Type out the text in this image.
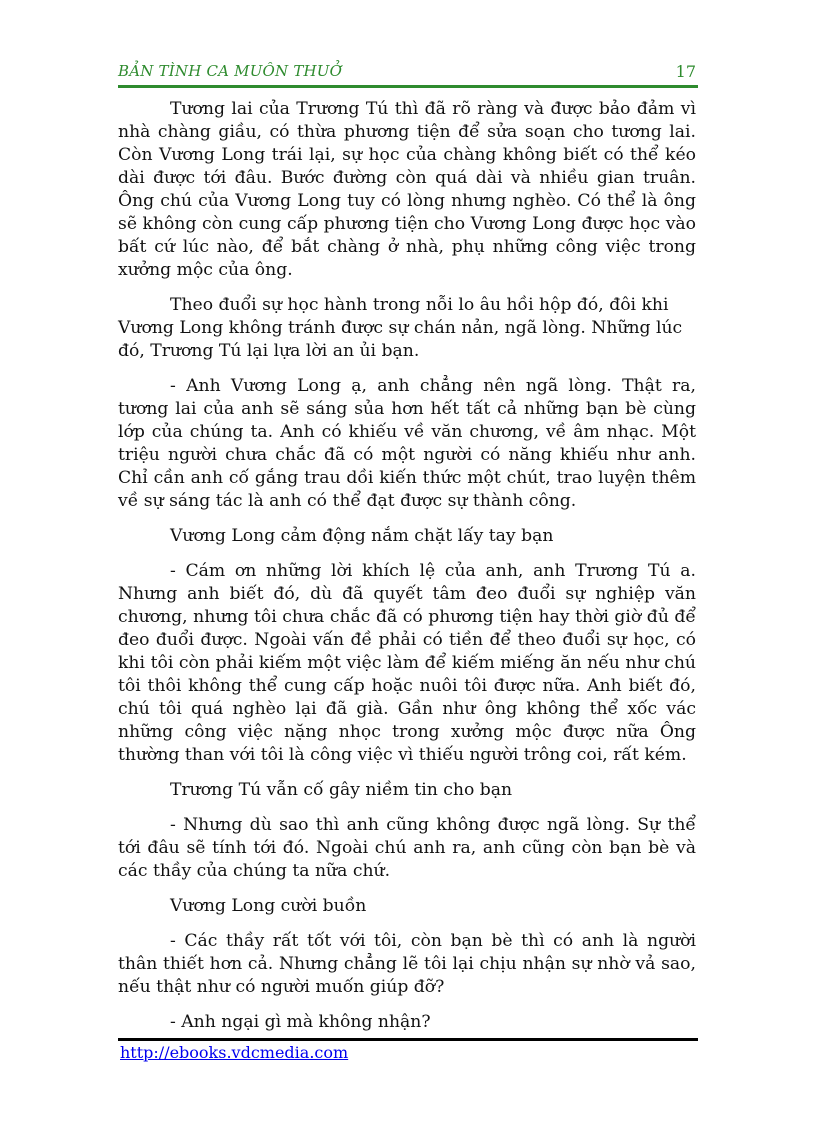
BẢN TÌNH CA MUÔN THUỞ	17

Tương lai của Trương Tú thì đã rõ ràng và được bảo đảm vì nhà chàng giầu, có thừa phương tiện để sửa soạn cho tương lai. Còn Vương Long trái lại, sự học của chàng không biết có thể kéo dài được tới đâu. Bước đường còn quá dài và nhiều gian truân. Ông chú của Vương Long tuy có lòng nhưng nghèo. Có thể là ông sẽ không còn cung cấp phương tiện cho Vương Long được học vào bất cứ lúc nào, để bắt chàng ở nhà, phụ những công việc trong xưởng mộc của ông.

Theo đuổi sự học hành trong nỗi lo âu hồi hộp đó, đôi khi Vương Long không tránh được sự chán nản, ngã lòng. Những lúc đó, Trương Tú lại lựa lời an ủi bạn.

- Anh Vương Long ạ, anh chẳng nên ngã lòng. Thật ra, tương lai của anh sẽ sáng sủa hơn hết tất cả những bạn bè cùng lớp của chúng ta. Anh có khiếu về văn chương, về âm nhạc. Một triệu người chưa chắc đã có một người có năng khiếu như anh. Chỉ cần anh cố gắng trau dồi kiến thức một chút, trao luyện thêm về sự sáng tác là anh có thể đạt được sự thành công.

Vương Long cảm động nắm chặt lấy tay bạn

- Cám ơn những lời khích lệ của anh, anh Trương Tú a. Nhưng anh biết đó, dù đã quyết tâm đeo đuổi sự nghiệp văn chương, nhưng tôi chưa chắc đã có phương tiện hay thời giờ đủ để đeo đuổi được. Ngoài vấn đề phải có tiền để theo đuổi sự học, có khi tôi còn phải kiếm một việc làm để kiếm miếng ăn nếu như chú tôi thôi không thể cung cấp hoặc nuôi tôi được nữa. Anh biết đó, chú tôi quá nghèo lại đã già. Gần như ông không thể xốc vác những công việc nặng nhọc trong xưởng mộc được nữa Ông thường than với tôi là công việc vì thiếu người trông coi, rất kém.

Trương Tú vẫn cố gây niềm tin cho bạn

- Nhưng dù sao thì anh cũng không được ngã lòng. Sự thể tới đâu sẽ tính tới đó. Ngoài chú anh ra, anh cũng còn bạn bè và các thầy của chúng ta nữa chứ.

Vương Long cười buồn

- Các thầy rất tốt với tôi, còn bạn bè thì có anh là người thân thiết hơn cả. Nhưng chẳng lẽ tôi lại chịu nhận sự nhờ vả sao, nếu thật như có người muốn giúp đỡ?

- Anh ngại gì mà không nhận?

http://ebooks.vdcmedia.com
